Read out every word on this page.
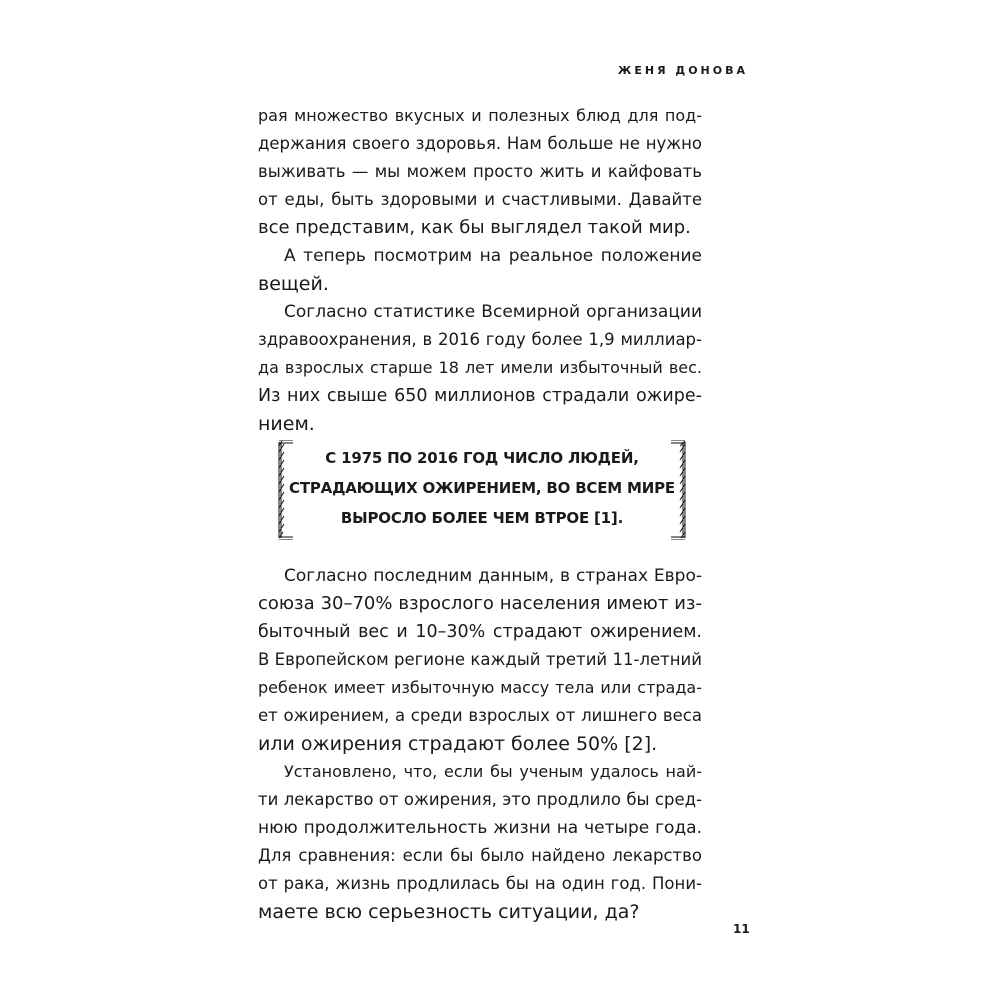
ЖЕНЯ ДОНОВА
рая множество вкусных и полезных блюд для под-
держания своего здоровья. Нам больше не нужно
выживать — мы можем просто жить и кайфовать
от еды, быть здоровыми и счастливыми. Давайте
все представим, как бы выглядел такой мир.
А теперь посмотрим на реальное положение
вещей.
Согласно статистике Всемирной организации
здравоохранения, в 2016 году более 1,9 миллиар-
да взрослых старше 18 лет имели избыточный вес.
Из них свыше 650 миллионов страдали ожире-
нием.
С 1975 ПО 2016 ГОД ЧИСЛО ЛЮДЕЙ,
СТРАДАЮЩИХ ОЖИРЕНИЕМ, ВО ВСЕМ МИРЕ
ВЫРОСЛО БОЛЕЕ ЧЕМ ВТРОЕ [1].
Согласно последним данным, в странах Евро-
союза 30–70% взрослого населения имеют из-
быточный вес и 10–30% страдают ожирением.
В Европейском регионе каждый третий 11-летний
ребенок имеет избыточную массу тела или страда-
ет ожирением, а среди взрослых от лишнего веса
или ожирения страдают более 50% [2].
Установлено, что, если бы ученым удалось най-
ти лекарство от ожирения, это продлило бы сред-
нюю продолжительность жизни на четыре года.
Для сравнения: если бы было найдено лекарство
от рака, жизнь продлилась бы на один год. Пони-
маете всю серьезность ситуации, да?
11
